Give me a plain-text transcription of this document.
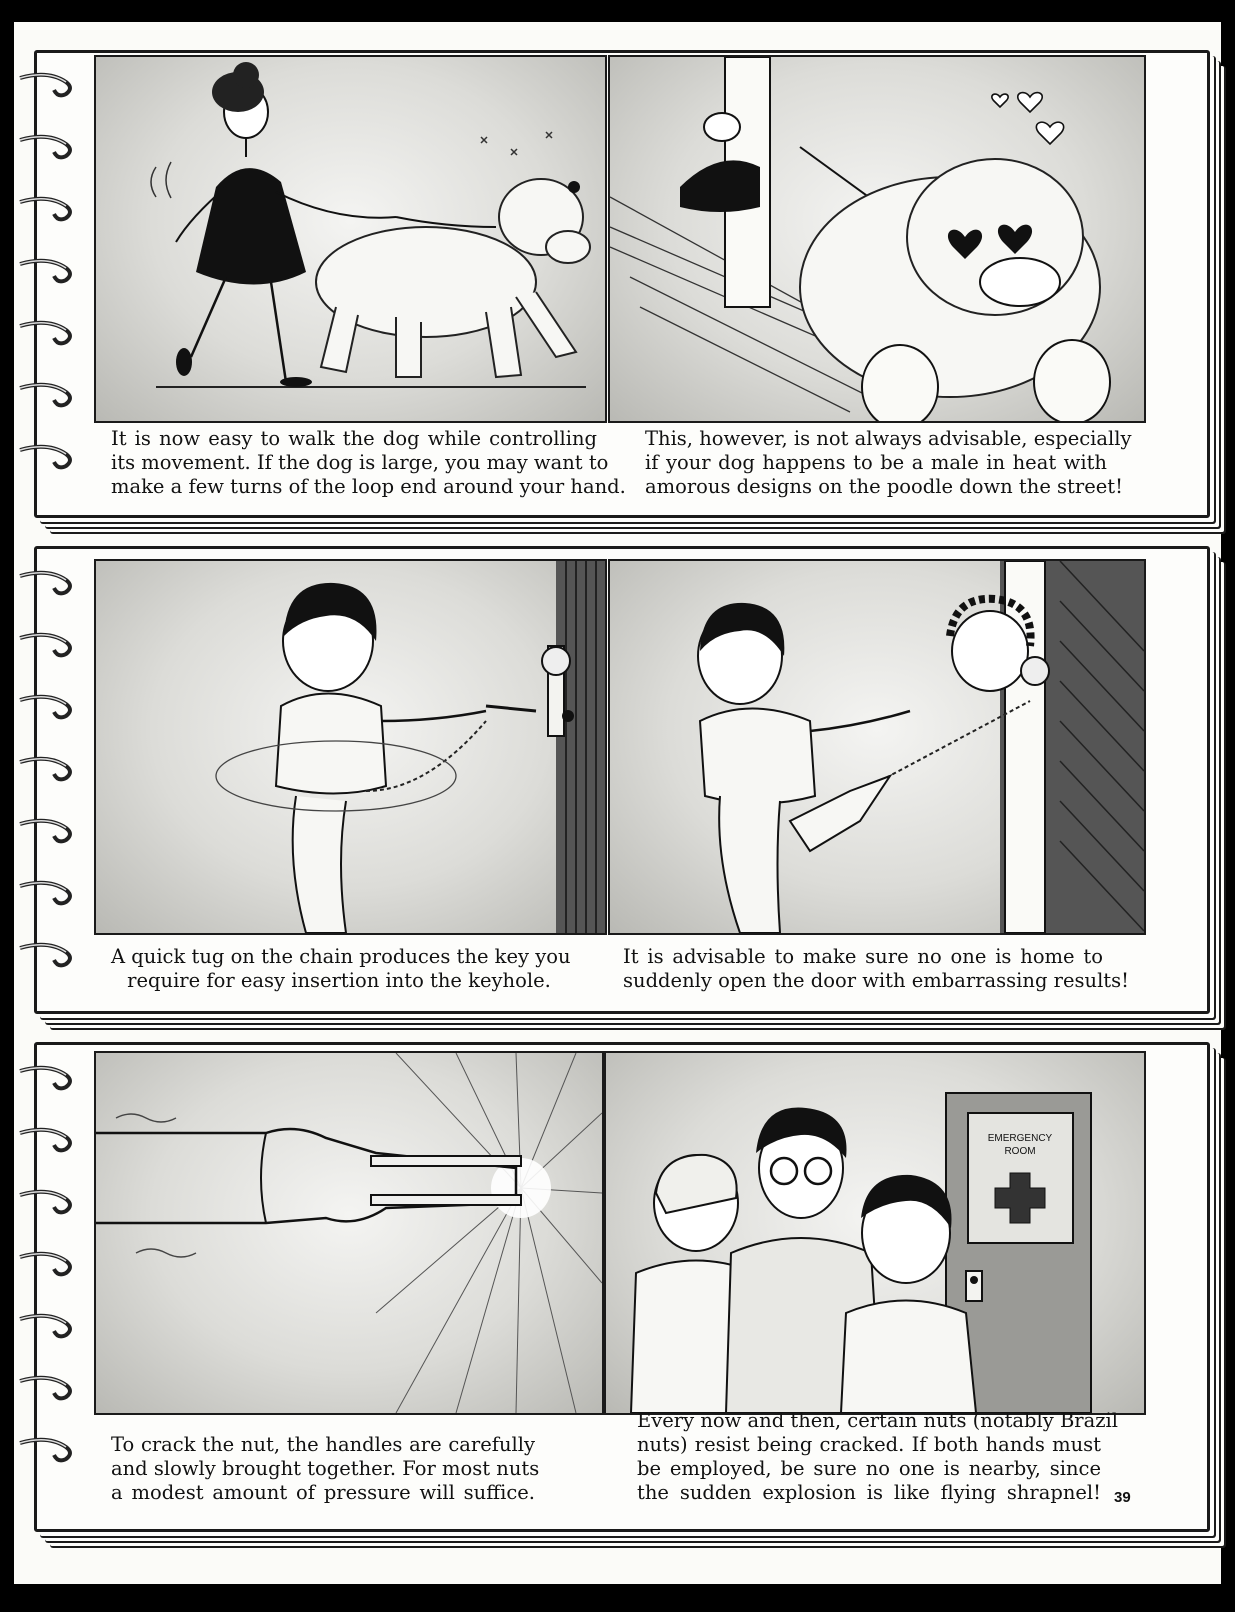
It is now easy to walk the dog while controlling
its movement. If the dog is large, you may want to
make a few turns of the loop end around your hand.
This, however, is not always advisable, especially
if your dog happens to be a male in heat with
amorous designs on the poodle down the street!
A quick tug on the chain produces the key you
require for easy insertion into the keyhole.
It is advisable to make sure no one is home to
suddenly open the door with embarrassing results!
EMERGENCY
ROOM
To crack the nut, the handles are carefully
and slowly brought together. For most nuts
a modest amount of pressure will suffice.
Every now and then, certain nuts (notably Brazil
nuts) resist being cracked. If both hands must
be employed, be sure no one is nearby, since
the sudden explosion is like flying shrapnel! 39
